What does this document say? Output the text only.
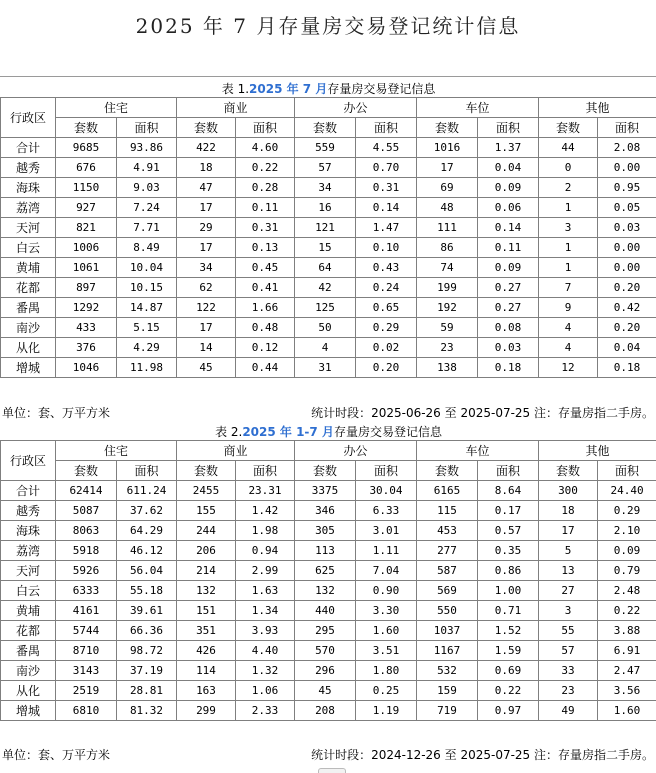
2025 年 7 月存量房交易登记统计信息
表 1.2025 年 7 月存量房交易登记信息										
行政区	住宅		商业		办公		车位		其他	
	套数	面积	套数	面积	套数	面积	套数	面积	套数	面积
合计	9685	93.86	422	4.60	559	4.55	1016	1.37	44	2.08
越秀	676	4.91	18	0.22	57	0.70	17	0.04	0	0.00
海珠	1150	9.03	47	0.28	34	0.31	69	0.09	2	0.95
荔湾	927	7.24	17	0.11	16	0.14	48	0.06	1	0.05
天河	821	7.71	29	0.31	121	1.47	111	0.14	3	0.03
白云	1006	8.49	17	0.13	15	0.10	86	0.11	1	0.00
黄埔	1061	10.04	34	0.45	64	0.43	74	0.09	1	0.00
花都	897	10.15	62	0.41	42	0.24	199	0.27	7	0.20
番禺	1292	14.87	122	1.66	125	0.65	192	0.27	9	0.42
南沙	433	5.15	17	0.48	50	0.29	59	0.08	4	0.20
从化	376	4.29	14	0.12	4	0.02	23	0.03	4	0.04
增城	1046	11.98	45	0.44	31	0.20	138	0.18	12	0.18
单位：套、万平方米	统计时段：2025-06-26 至 2025-07-25 注：存量房指二手房。
表 2.2025 年 1-7 月存量房交易登记信息										
行政区	住宅		商业		办公		车位		其他	
	套数	面积	套数	面积	套数	面积	套数	面积	套数	面积
合计	62414	611.24	2455	23.31	3375	30.04	6165	8.64	300	24.40
越秀	5087	37.62	155	1.42	346	6.33	115	0.17	18	0.29
海珠	8063	64.29	244	1.98	305	3.01	453	0.57	17	2.10
荔湾	5918	46.12	206	0.94	113	1.11	277	0.35	5	0.09
天河	5926	56.04	214	2.99	625	7.04	587	0.86	13	0.79
白云	6333	55.18	132	1.63	132	0.90	569	1.00	27	2.48
黄埔	4161	39.61	151	1.34	440	3.30	550	0.71	3	0.22
花都	5744	66.36	351	3.93	295	1.60	1037	1.52	55	3.88
番禺	8710	98.72	426	4.40	570	3.51	1167	1.59	57	6.91
南沙	3143	37.19	114	1.32	296	1.80	532	0.69	33	2.47
从化	2519	28.81	163	1.06	45	0.25	159	0.22	23	3.56
增城	6810	81.32	299	2.33	208	1.19	719	0.97	49	1.60
单位：套、万平方米	统计时段：2024-12-26 至 2025-07-25 注：存量房指二手房。
